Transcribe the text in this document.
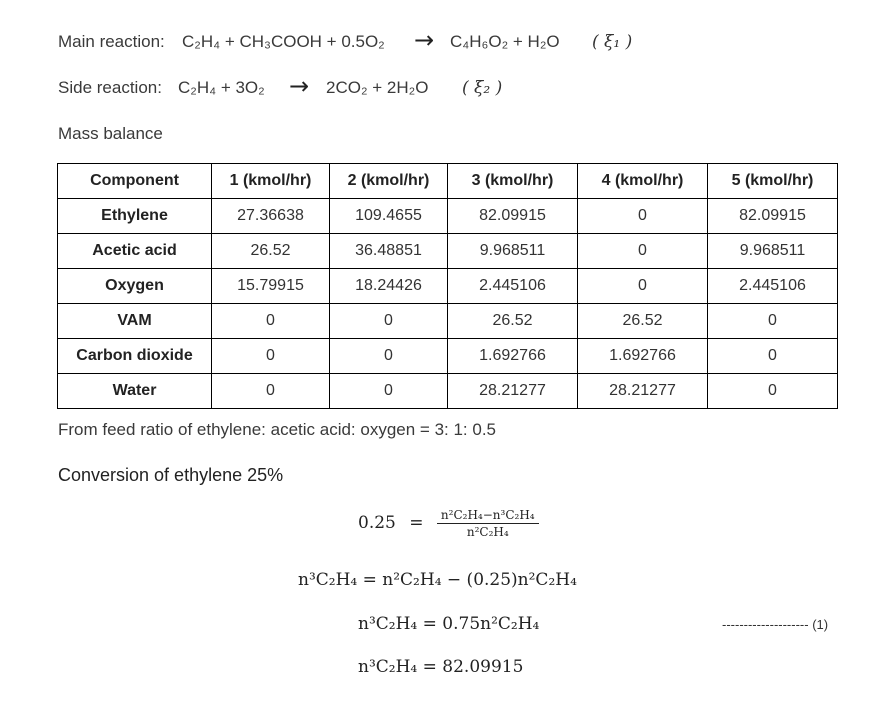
Main reaction: C₂H₄ + CH₃COOH + 0.5O₂ → C₄H₆O₂ + H₂O ( ξ₁ )
Side reaction: C₂H₄ + 3O₂ → 2CO₂ + 2H₂O ( ξ₂ )
Mass balance
Component	1 (kmol/hr)	2 (kmol/hr)	3 (kmol/hr)	4 (kmol/hr)	5 (kmol/hr)
Ethylene	27.36638	109.4655	82.09915	0	82.09915
Acetic acid	26.52	36.48851	9.968511	0	9.968511
Oxygen	15.79915	18.24426	2.445106	0	2.445106
VAM	0	0	26.52	26.52	0
Carbon dioxide	0	0	1.692766	1.692766	0
Water	0	0	28.21277	28.21277	0
From feed ratio of ethylene: acetic acid: oxygen = 3: 1: 0.5
Conversion of ethylene 25%
$0.25 = \frac{\text{n²C₂H₄−n³C₂H₄}}{\text{n²C₂H₄}}$
n³C₂H₄ = n²C₂H₄ − (0.25)n²C₂H₄
n³C₂H₄ = 0.75n²C₂H₄	-------------------- (1)
n³C₂H₄ = 82.09915
